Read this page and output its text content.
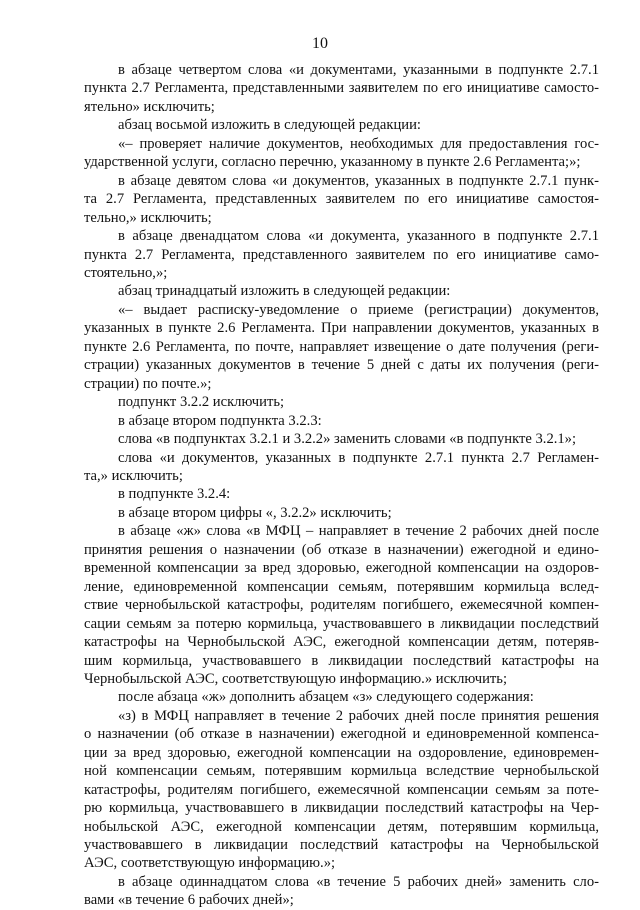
10
в абзаце четвертом слова «и документами, указанными в подпункте 2.7.1
пункта 2.7 Регламента, представленными заявителем по его инициативе самосто-
ятельно» исключить;
абзац восьмой изложить в следующей редакции:
«– проверяет наличие документов, необходимых для предоставления гос-
ударственной услуги, согласно перечню, указанному в пункте 2.6 Регламента;»;
в абзаце девятом слова «и документов, указанных в подпункте 2.7.1 пунк-
та 2.7 Регламента, представленных заявителем по его инициативе самостоя-
тельно,» исключить;
в абзаце двенадцатом слова «и документа, указанного в подпункте 2.7.1
пункта 2.7 Регламента, представленного заявителем по его инициативе само-
стоятельно,»;
абзац тринадцатый изложить в следующей редакции:
«– выдает расписку-уведомление о приеме (регистрации) документов,
указанных в пункте 2.6 Регламента. При направлении документов, указанных в
пункте 2.6 Регламента, по почте, направляет извещение о дате получения (реги-
страции) указанных документов в течение 5 дней с даты их получения (реги-
страции) по почте.»;
подпункт 3.2.2 исключить;
в абзаце втором подпункта 3.2.3:
слова «в подпунктах 3.2.1 и 3.2.2» заменить словами «в подпункте 3.2.1»;
слова «и документов, указанных в подпункте 2.7.1 пункта 2.7 Регламен-
та,» исключить;
в подпункте 3.2.4:
в абзаце втором цифры «, 3.2.2» исключить;
в абзаце «ж» слова «в МФЦ – направляет в течение 2 рабочих дней после
принятия решения о назначении (об отказе в назначении) ежегодной и едино-
временной компенсации за вред здоровью, ежегодной компенсации на оздоров-
ление, единовременной компенсации семьям, потерявшим кормильца вслед-
ствие чернобыльской катастрофы, родителям погибшего, ежемесячной компен-
сации семьям за потерю кормильца, участвовавшего в ликвидации последствий
катастрофы на Чернобыльской АЭС, ежегодной компенсации детям, потеряв-
шим кормильца, участвовавшего в ликвидации последствий катастрофы на
Чернобыльской АЭС, соответствующую информацию.» исключить;
после абзаца «ж» дополнить абзацем «з» следующего содержания:
«з) в МФЦ направляет в течение 2 рабочих дней после принятия решения
о назначении (об отказе в назначении) ежегодной и единовременной компенса-
ции за вред здоровью, ежегодной компенсации на оздоровление, единовремен-
ной компенсации семьям, потерявшим кормильца вследствие чернобыльской
катастрофы, родителям погибшего, ежемесячной компенсации семьям за поте-
рю кормильца, участвовавшего в ликвидации последствий катастрофы на Чер-
нобыльской АЭС, ежегодной компенсации детям, потерявшим кормильца,
участвовавшего в ликвидации последствий катастрофы на Чернобыльской
АЭС, соответствующую информацию.»;
в абзаце одиннадцатом слова «в течение 5 рабочих дней» заменить сло-
вами «в течение 6 рабочих дней»;
